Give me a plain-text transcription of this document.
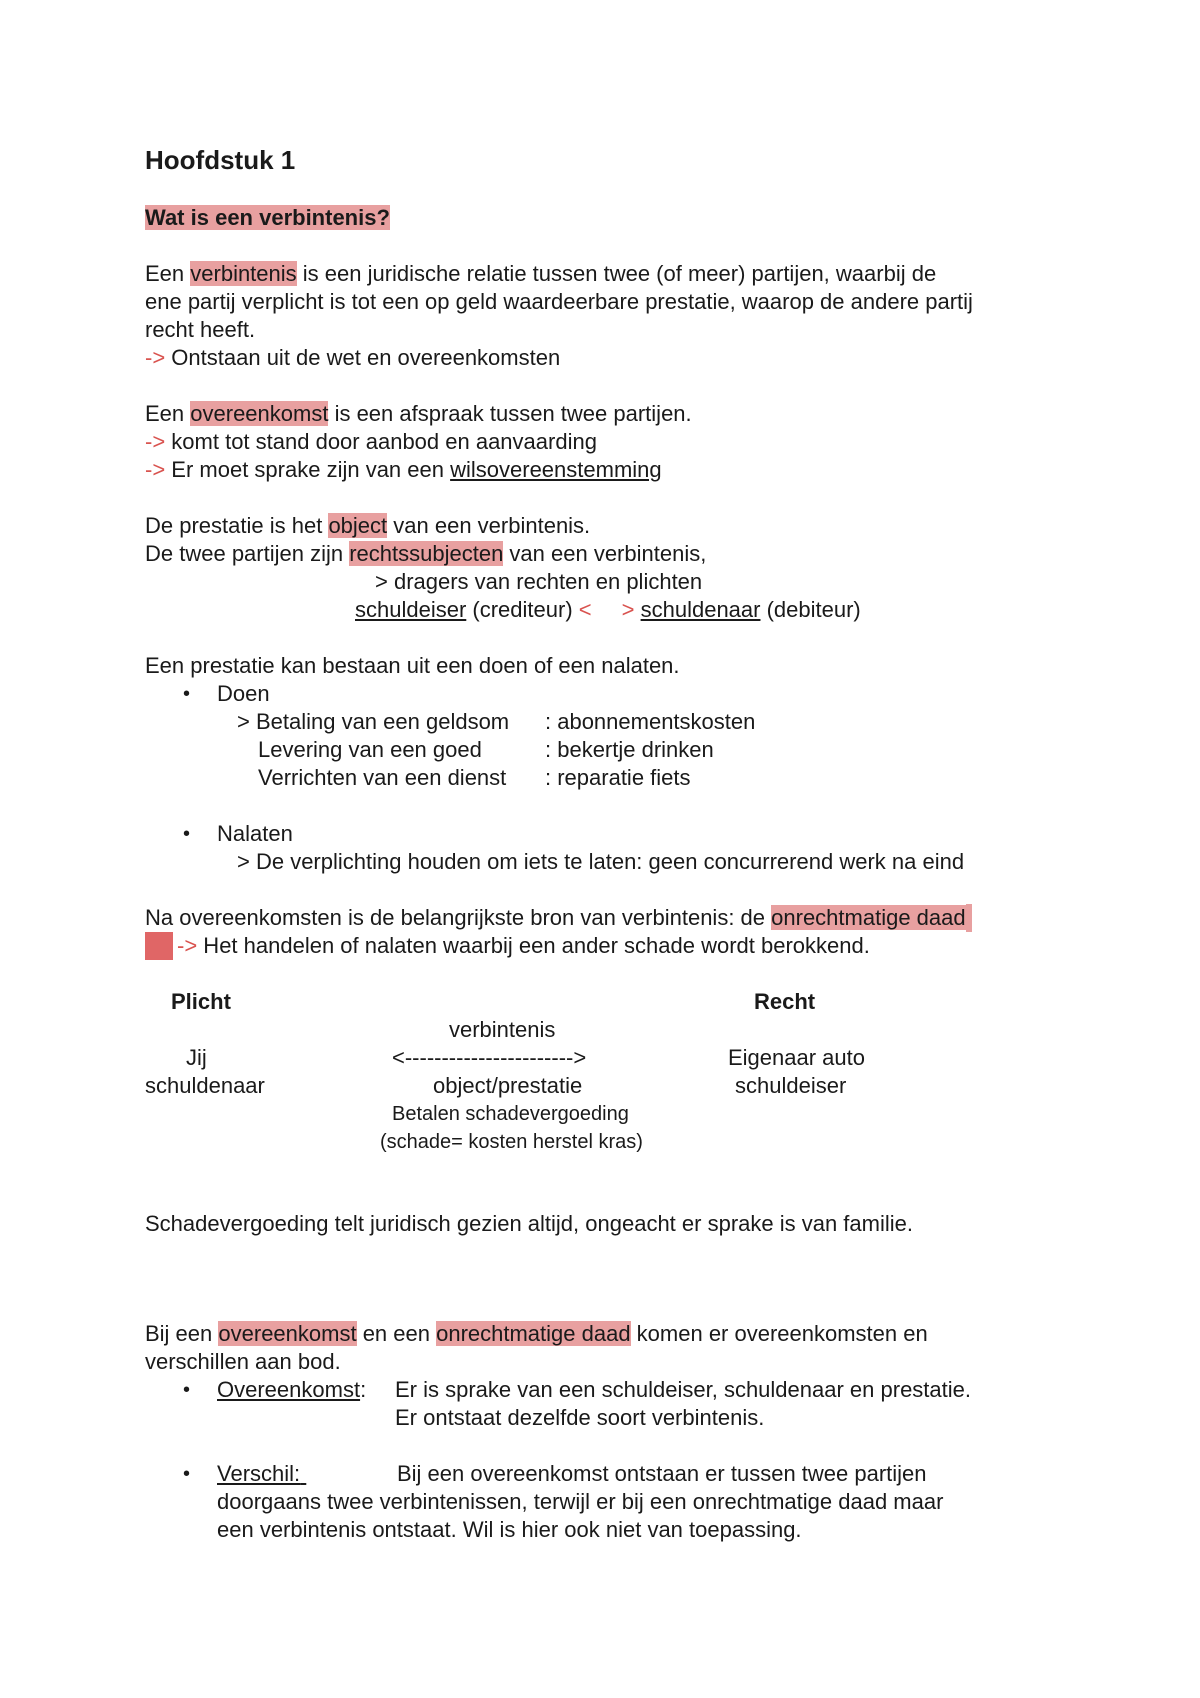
Hoofdstuk 1
Wat is een verbintenis?
Een verbintenis is een juridische relatie tussen twee (of meer) partijen, waarbij de
ene partij verplicht is tot een op geld waardeerbare prestatie, waarop de andere partij
recht heeft.
-> Ontstaan uit de wet en overeenkomsten
Een overeenkomst is een afspraak tussen twee partijen.
-> komt tot stand door aanbod en aanvaarding
-> Er moet sprake zijn van een wilsovereenstemming
De prestatie is het object van een verbintenis.
De twee partijen zijn rechtssubjecten van een verbintenis,
> dragers van rechten en plichten
schuldeiser (crediteur) < > schuldenaar (debiteur)
Een prestatie kan bestaan uit een doen of een nalaten.
• Doen
> Betaling van een geldsom : abonnementskosten
Levering van een goed	: bekertje drinken
Verrichten van een dienst : reparatie fiets
• Nalaten
> De verplichting houden om iets te laten: geen concurrerend werk na eind
Na overeenkomsten is de belangrijkste bron van verbintenis: de onrechtmatige daad
-> Het handelen of nalaten waarbij een ander schade wordt berokkend.
Plicht	Recht
verbintenis
Jij	<----------------------->	Eigenaar auto
schuldenaar	object/prestatie	schuldeiser
Betalen schadevergoeding
(schade= kosten herstel kras)
Schadevergoeding telt juridisch gezien altijd, ongeacht er sprake is van familie.
Bij een overeenkomst en een onrechtmatige daad komen er overeenkomsten en
verschillen aan bod.
• Overeenkomst: Er is sprake van een schuldeiser, schuldenaar en prestatie.
Er ontstaat dezelfde soort verbintenis.
• Verschil:	Bij een overeenkomst ontstaan er tussen twee partijen
doorgaans twee verbintenissen, terwijl er bij een onrechtmatige daad maar
een verbintenis ontstaat. Wil is hier ook niet van toepassing.
